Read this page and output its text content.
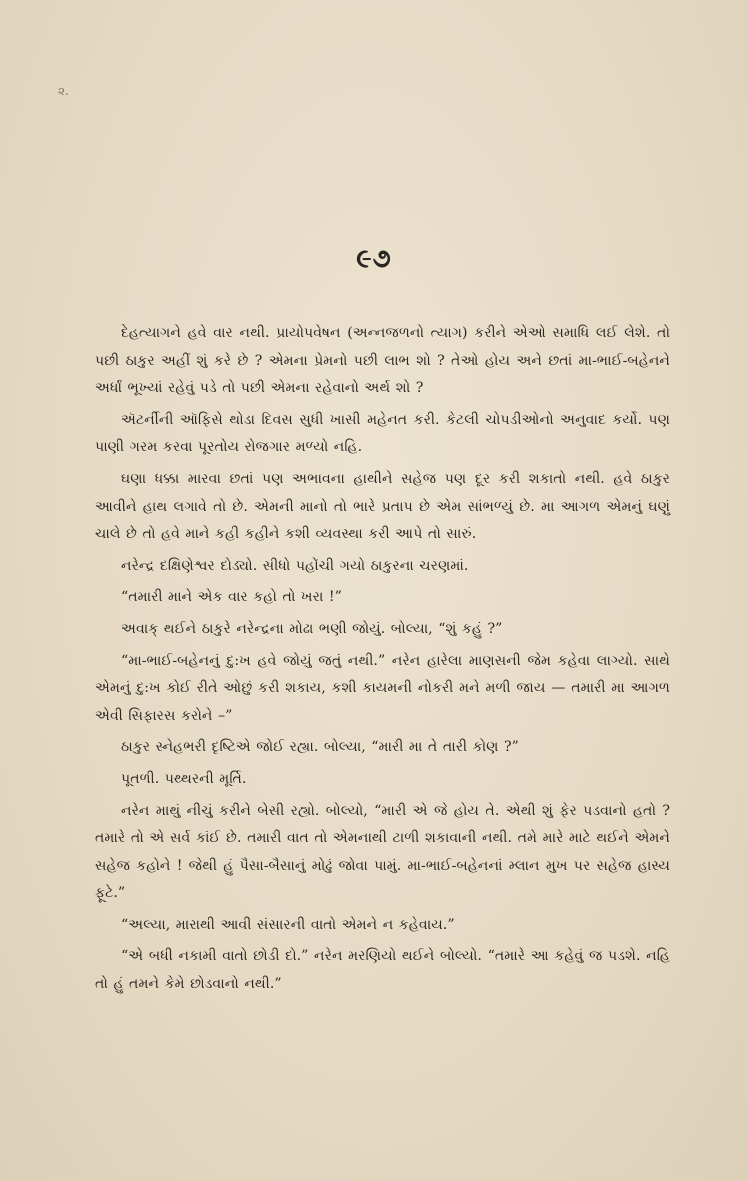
૨.
૯૭

દેહત્યાગને હવે વાર નથી. પ્રાયોપવેષન (અન્નજળનો ત્યાગ) કરીને એઓ સમાધિ લઈ લેશે. તો પછી ઠાકુર અહીં શું કરે છે ? એમના પ્રેમનો પછી લાભ શો ? તેઓ હોય અને છતાં મા-ભાઈ-બહેનને અર્ધાં ભૂખ્યાં રહેવું પડે તો પછી એમના રહેવાનો અર્થ શો ?

ઍટર્નીની ઑફિસે થોડા દિવસ સુધી ખાસી મહેનત કરી. કેટલી ચોપડીઓનો અનુવાદ કર્યો. પણ પાણી ગરમ કરવા પૂરતોય રોજગાર મળ્યો નહિ.

ઘણા ધક્કા મારવા છતાં પણ અભાવના હાથીને સહેજ પણ દૂર કરી શકાતો નથી. હવે ઠાકુર આવીને હાથ લગાવે તો છે. એમની માનો તો ભારે પ્રતાપ છે એમ સાંભળ્યું છે. મા આગળ એમનું ઘણું ચાલે છે તો હવે માને કહી કહીને કશી વ્યવસ્થા કરી આપે તો સારું.

નરેન્દ્ર દક્ષિણેશ્વર દોડ્યો. સીધો પહોંચી ગયો ઠાકુરના ચરણમાં.

“તમારી માને એક વાર કહો તો ખરા !”

અવાક્ થઈને ઠાકુરે નરેન્દ્રના મોઢા ભણી જોયું. બોલ્યા, “શું કહું ?”

“મા-ભાઈ-બહેનનું દુ:ખ હવે જોયું જતું નથી.” નરેન હારેલા માણસની જેમ કહેવા લાગ્યો. સાથે એમનું દુ:ખ કોઈ રીતે ઓછું કરી શકાય, કશી કાયમની નોકરી મને મળી જાય — તમારી મા આગળ એવી સિફારસ કરોને –”

ઠાકુર સ્નેહભરી દૃષ્ટિએ જોઈ રહ્યા. બોલ્યા, “મારી મા તે તારી કોણ ?”

પૂતળી. પથ્થરની મૂર્તિ.

નરેન માથું નીચું કરીને બેસી રહ્યો. બોલ્યો, “મારી એ જે હોય તે. એથી શું ફેર પડવાનો હતો ? તમારે તો એ સર્વ કાંઈ છે. તમારી વાત તો એમનાથી ટાળી શકાવાની નથી. તમે મારે માટે થઈને એમને સહેજ કહોને ! જેથી હું પૈસા-બૈસાનું મોઢું જોવા પામું. મા-ભાઈ-બહેનનાં મ્લાન મુખ પર સહેજ હાસ્ય ફૂટે.”

“અલ્યા, મારાથી આવી સંસારની વાતો એમને ન કહેવાય.”

“એ બધી નકામી વાતો છોડી દો.” નરેન મરણિયો થઈને બોલ્યો. “તમારે આ કહેવું જ પડશે. નહિ તો હું તમને કેમે છોડવાનો નથી.”
